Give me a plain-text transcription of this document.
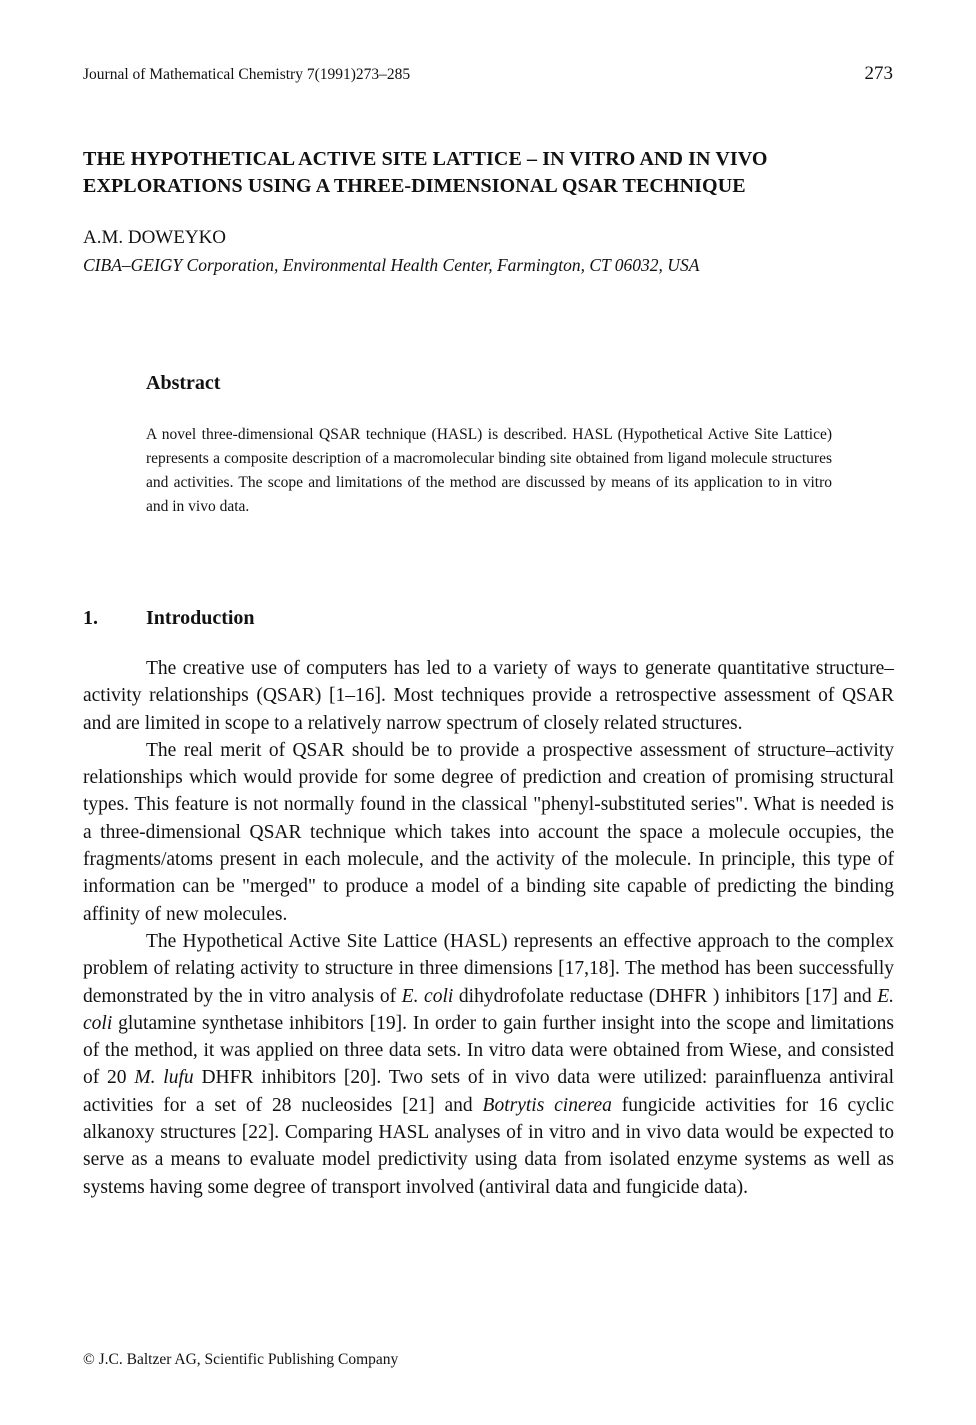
Journal of Mathematical Chemistry 7(1991)273–285	273
THE HYPOTHETICAL ACTIVE SITE LATTICE – IN VITRO AND IN VIVO
EXPLORATIONS USING A THREE-DIMENSIONAL QSAR TECHNIQUE
A.M. DOWEYKO
CIBA–GEIGY Corporation, Environmental Health Center, Farmington, CT 06032, USA
Abstract
A novel three-dimensional QSAR technique (HASL) is described. HASL (Hypothetical Active Site Lattice) represents a composite description of a macromolecular binding site obtained from ligand molecule structures and activities. The scope and limitations of the method are discussed by means of its application to in vitro and in vivo data.
1. Introduction

The creative use of computers has led to a variety of ways to generate quantitative structure–activity relationships (QSAR) [1–16]. Most techniques provide a retrospective assessment of QSAR and are limited in scope to a relatively narrow spectrum of closely related structures.

The real merit of QSAR should be to provide a prospective assessment of structure–activity relationships which would provide for some degree of prediction and creation of promising structural types. This feature is not normally found in the classical "phenyl-substituted series". What is needed is a three-dimensional QSAR technique which takes into account the space a molecule occupies, the fragments/atoms present in each molecule, and the activity of the molecule. In principle, this type of information can be "merged" to produce a model of a binding site capable of predicting the binding affinity of new molecules.

The Hypothetical Active Site Lattice (HASL) represents an effective approach to the complex problem of relating activity to structure in three dimensions [17,18]. The method has been successfully demonstrated by the in vitro analysis of E. coli dihydrofolate reductase (DHFR ) inhibitors [17] and E. coli glutamine synthetase inhibitors [19]. In order to gain further insight into the scope and limitations of the method, it was applied on three data sets. In vitro data were obtained from Wiese, and consisted of 20 M. lufu DHFR inhibitors [20]. Two sets of in vivo data were utilized: parainfluenza antiviral activities for a set of 28 nucleosides [21] and Botrytis cinerea fungicide activities for 16 cyclic alkanoxy structures [22]. Comparing HASL analyses of in vitro and in vivo data would be expected to serve as a means to evaluate model predictivity using data from isolated enzyme systems as well as systems having some degree of transport involved (antiviral data and fungicide data).

© J.C. Baltzer AG, Scientific Publishing Company
